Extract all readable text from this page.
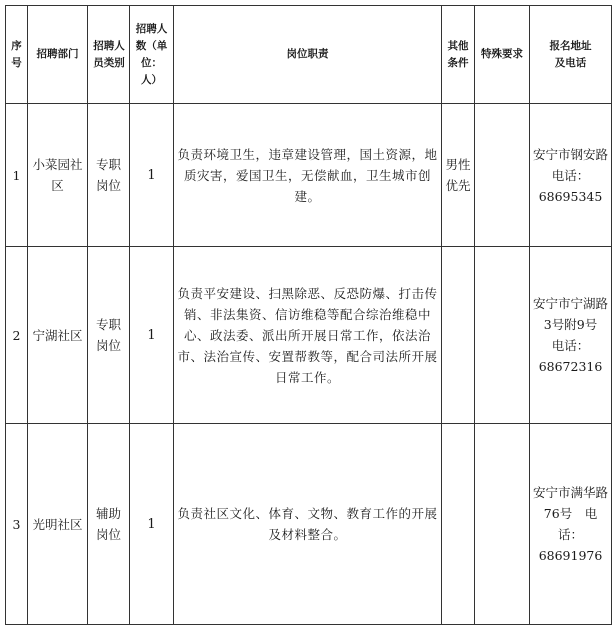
序号	招聘部门	招聘人员类别	招聘人数（单位：人）	岗位职责	其他条件	特殊要求	报名地址及电话

1	小菜园社区	专职岗位	1	负责环境卫生，违章建设管理，国土资源，地质灾害，爱国卫生，无偿献血，卫生城市创建。	男性优先		安宁市钢安路电话：68695345
2	宁湖社区	专职岗位	1	负责平安建设、扫黑除恶、反恐防爆、打击传销、非法集资、信访维稳等配合综治维稳中心、政法委、派出所开展日常工作，依法治市、法治宣传、安置帮教等，配合司法所开展日常工作。			安宁市宁湖路3号附9号　电话：68672316
3	光明社区	辅助岗位	1	负责社区文化、体育、文物、教育工作的开展及材料整合。			安宁市满华路76号　电话：68691976
